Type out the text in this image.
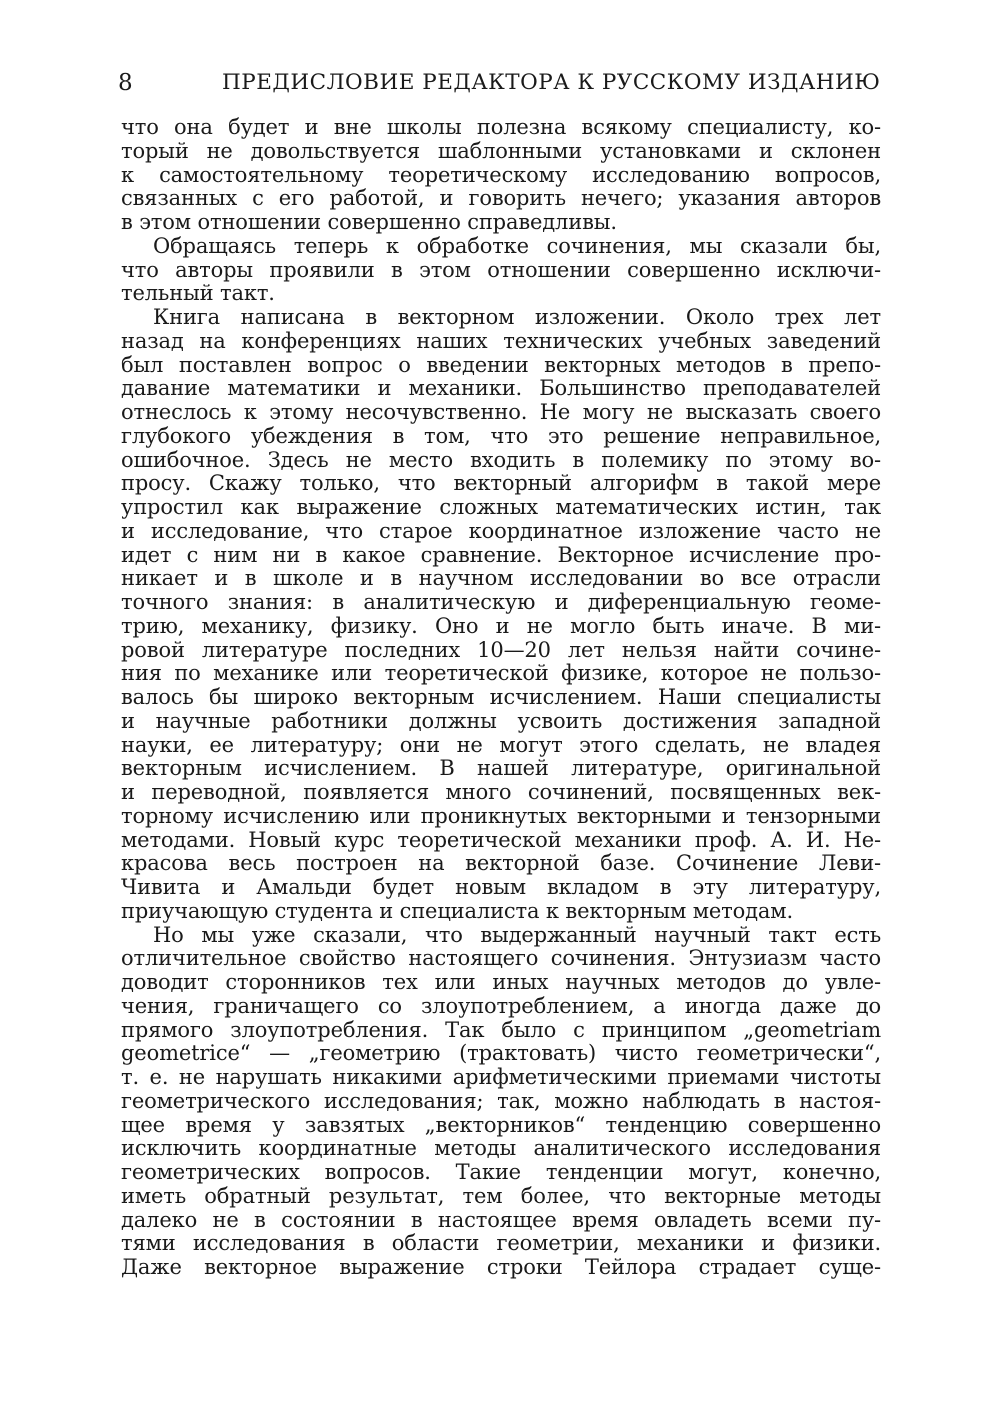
8	ПРЕДИСЛОВИЕ РЕДАКТОРА К РУССКОМУ ИЗДАНИЮ
что она будет и вне школы полезна всякому специалисту, ко-
торый не довольствуется шаблонными установками и склонен
к самостоятельному теоретическому исследованию вопросов,
связанных с его работой, и говорить нечего; указания авторов
в этом отношении совершенно справедливы.
Обращаясь теперь к обработке сочинения, мы сказали бы,
что авторы проявили в этом отношении совершенно исключи-
тельный такт.
Книга написана в векторном изложении. Около трех лет
назад на конференциях наших технических учебных заведений
был поставлен вопрос о введении векторных методов в препо-
давание математики и механики. Большинство преподавателей
отнеслось к этому несочувственно. Не могу не высказать своего
глубокого убеждения в том, что это решение неправильное,
ошибочное. Здесь не место входить в полемику по этому во-
просу. Скажу только, что векторный алгорифм в такой мере
упростил как выражение сложных математических истин, так
и исследование, что старое координатное изложение часто не
идет с ним ни в какое сравнение. Векторное исчисление про-
никает и в школе и в научном исследовании во все отрасли
точного знания: в аналитическую и диференциальную геоме-
трию, механику, физику. Оно и не могло быть иначе. В ми-
ровой литературе последних 10—20 лет нельзя найти сочине-
ния по механике или теоретической физике, которое не пользо-
валось бы широко векторным исчислением. Наши специалисты
и научные работники должны усвоить достижения западной
науки, ее литературу; они не могут этого сделать, не владея
векторным исчислением. В нашей литературе, оригинальной
и переводной, появляется много сочинений, посвященных век-
торному исчислению или проникнутых векторными и тензорными
методами. Новый курс теоретической механики проф. А. И. Не-
красова весь построен на векторной базе. Сочинение Леви-
Чивита и Амальди будет новым вкладом в эту литературу,
приучающую студента и специалиста к векторным методам.
Но мы уже сказали, что выдержанный научный такт есть
отличительное свойство настоящего сочинения. Энтузиазм часто
доводит сторонников тех или иных научных методов до увле-
чения, граничащего со злоупотреблением, а иногда даже до
прямого злоупотребления. Так было с принципом „geometriam
geometrice“ — „геометрию (трактовать) чисто геометрически“,
т. е. не нарушать никакими арифметическими приемами чистоты
геометрического исследования; так, можно наблюдать в настоя-
щее время у завзятых „векторников“ тенденцию совершенно
исключить координатные методы аналитического исследования
геометрических вопросов. Такие тенденции могут, конечно,
иметь обратный результат, тем более, что векторные методы
далеко не в состоянии в настоящее время овладеть всеми пу-
тями исследования в области геометрии, механики и физики.
Даже векторное выражение строки Тейлора страдает суще-
